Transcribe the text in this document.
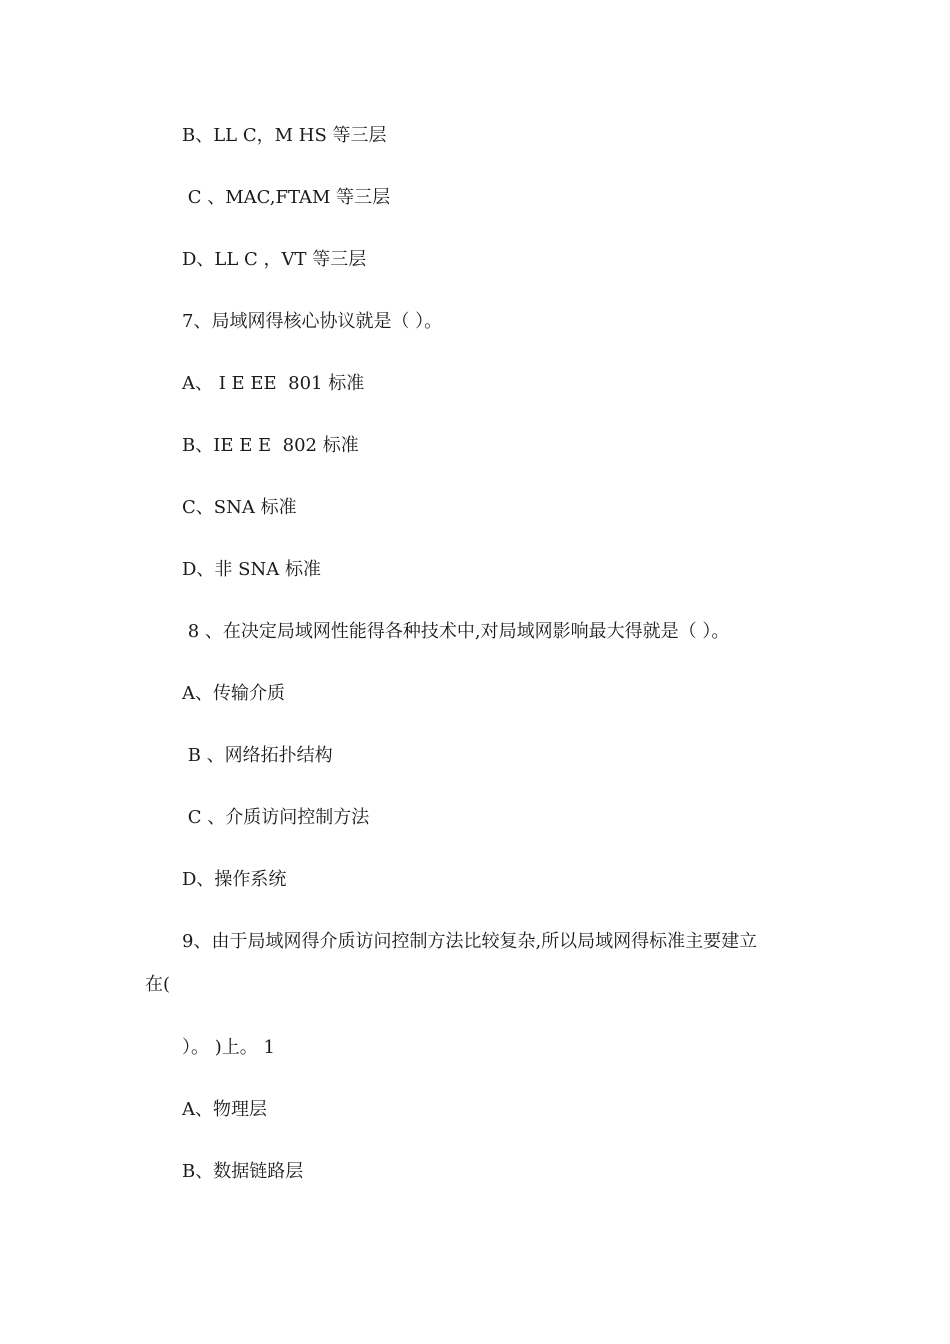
B、LL C，M HS 等三层
C 、MAC,FTAM 等三层
D、LL C ，VT 等三层
7、局域网得核心协议就是（ ）。
A、 I E EE  801 标准
B、IE E E  802 标准
C、SNA 标准
D、非 SNA 标准
8 、在决定局域网性能得各种技术中,对局域网影响最大得就是（ ）。
A、传输介质
B 、网络拓扑结构
C 、介质访问控制方法
D、操作系统
9、由于局域网得介质访问控制方法比较复杂,所以局域网得标准主要建立
在(
）。 )上。 1
A、物理层
B、数据链路层
